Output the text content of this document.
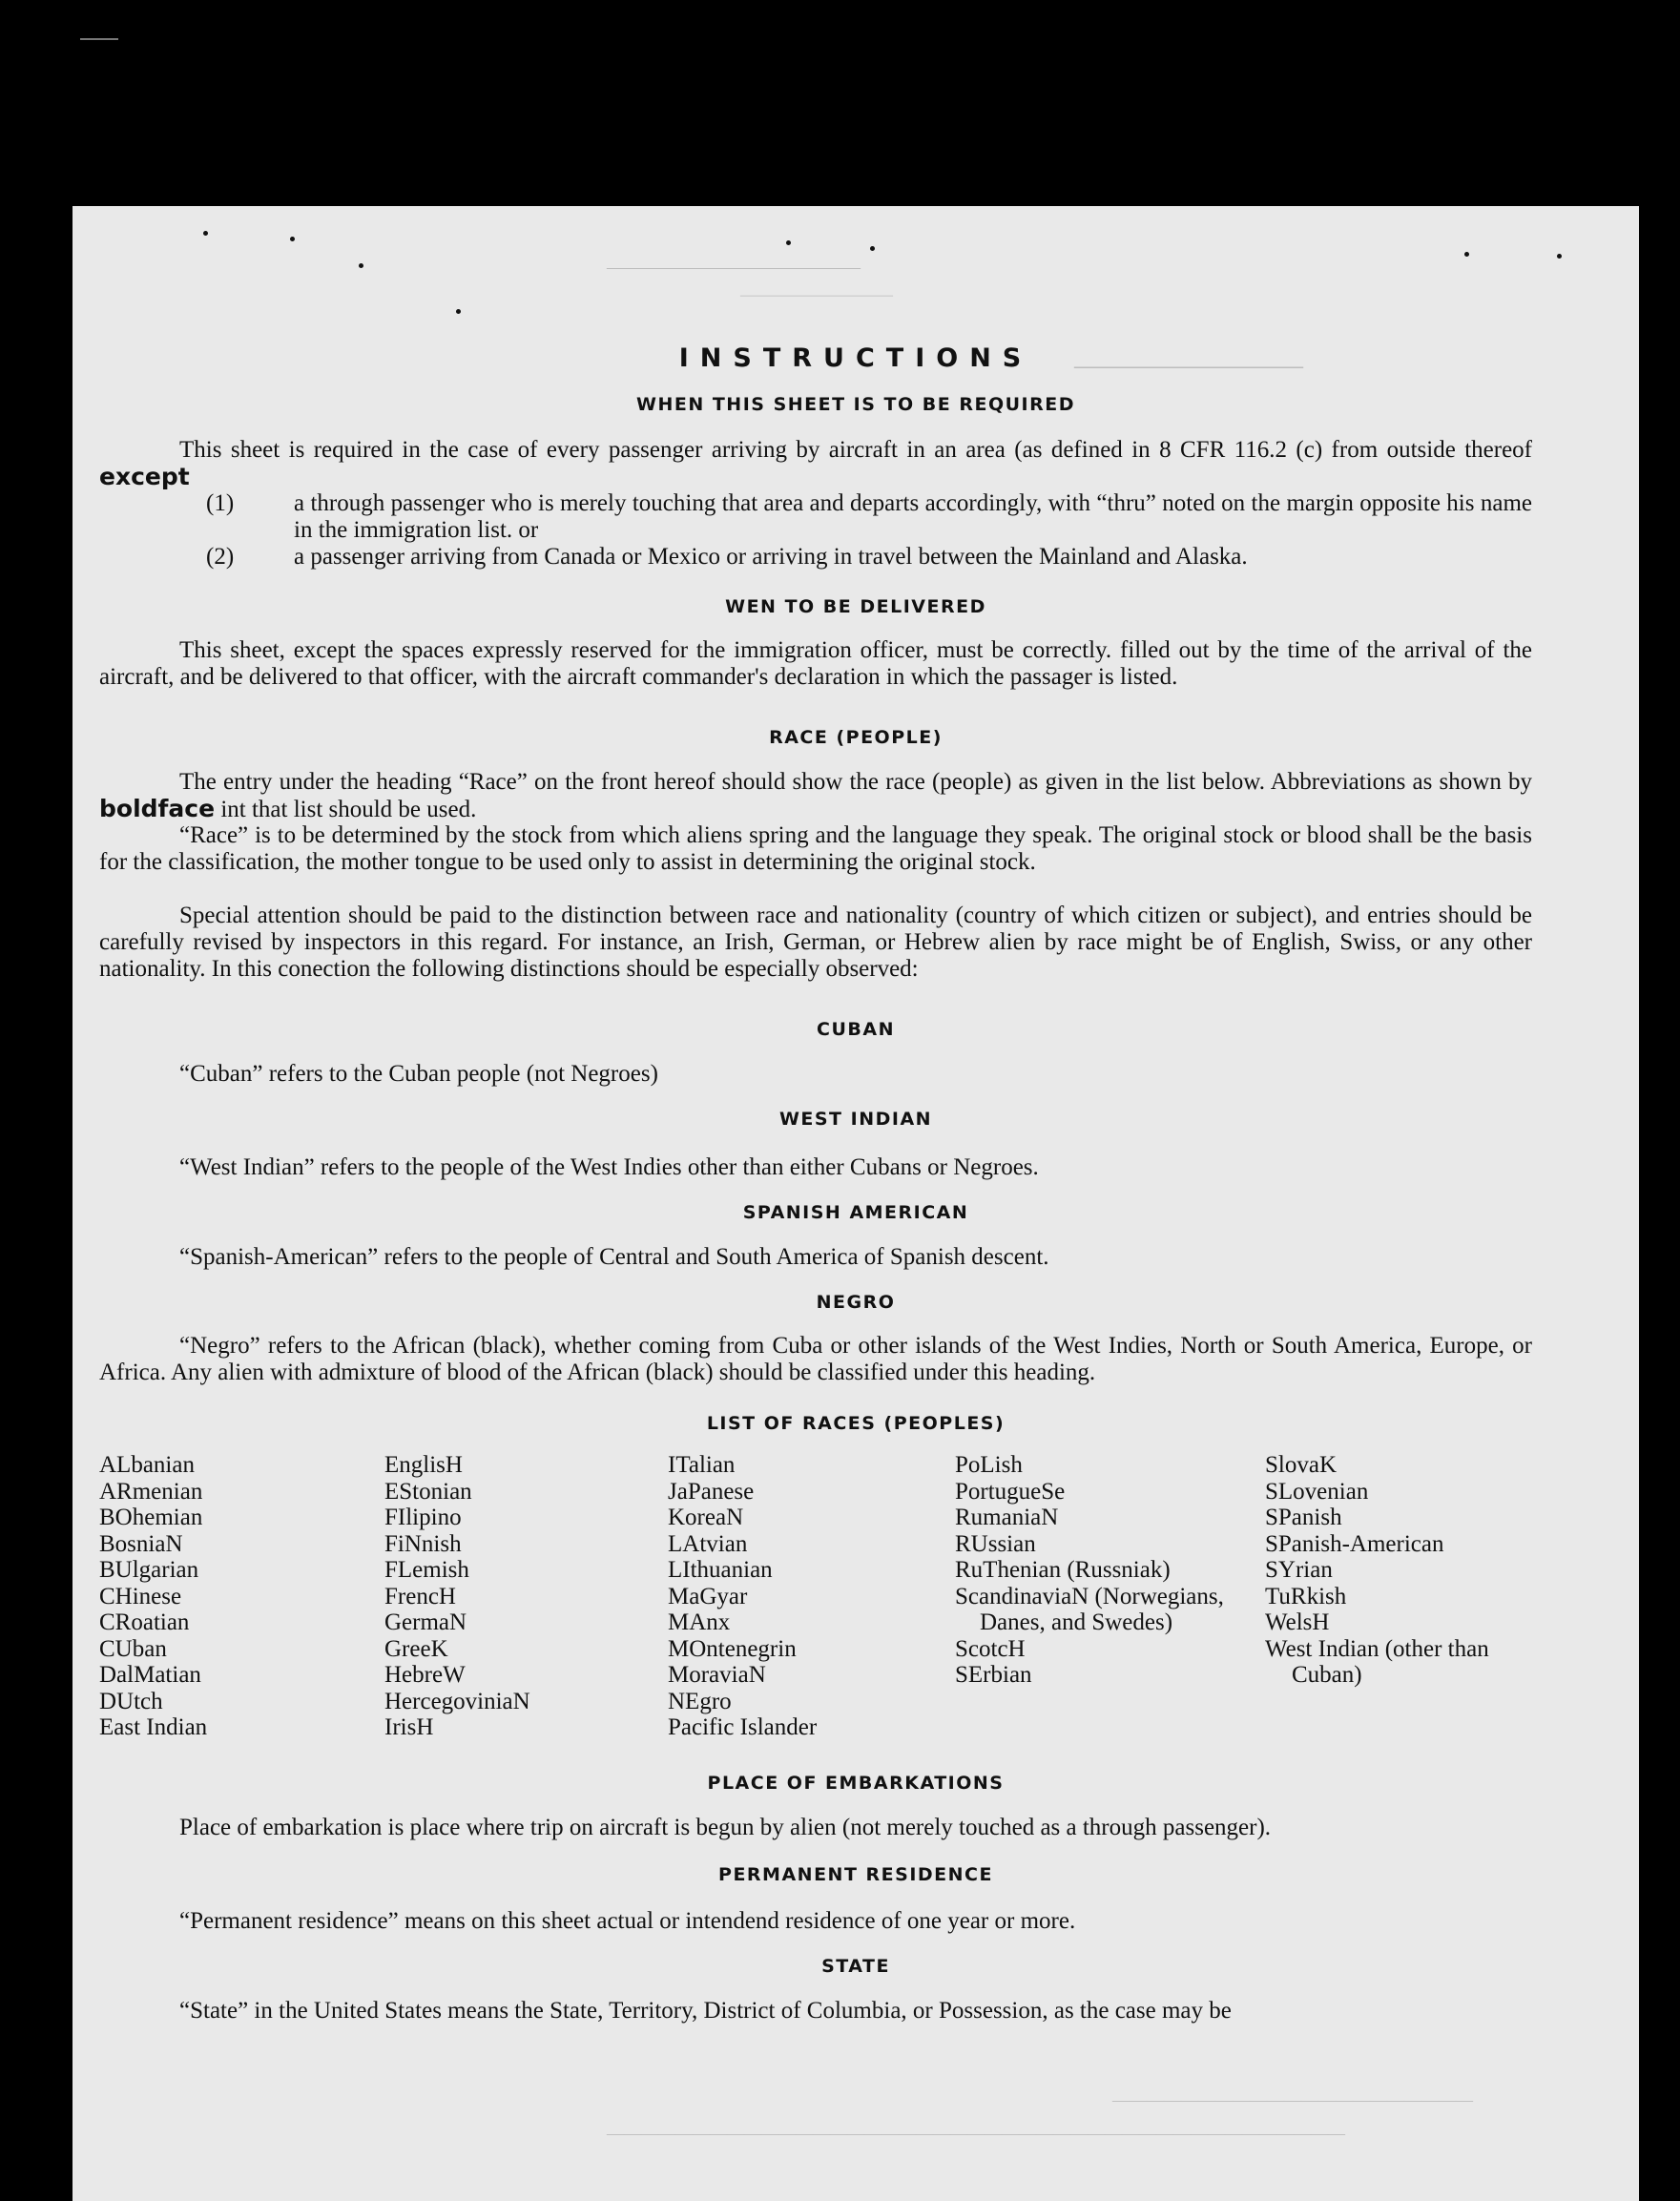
——————————————
——————————
————————
—————————————————————
———————————————————————————————————————————
INSTRUCTIONS
WHEN THIS SHEET IS TO BE REQUIRED
This sheet is required in the case of every passenger arriving by aircraft in an area (as defined in 8 CFR 116.2 (c) from outside thereof except
(1)	a through passenger who is merely touching that area and departs accordingly, with “thru” noted on the margin opposite his name in the immigration list. or
(2)	a passenger arriving from Canada or Mexico or arriving in travel between the Mainland and Alaska.
WEN TO BE DELIVERED
This sheet, except the spaces expressly reserved for the immigration officer, must be correctly. filled out by the time of the arrival of the aircraft, and be delivered to that officer, with the aircraft commander's declaration in which the passager is listed.
RACE (PEOPLE)
The entry under the heading “Race” on the front hereof should show the race (people) as given in the list below. Abbreviations as shown by boldface int that list should be used.
“Race” is to be determined by the stock from which aliens spring and the language they speak. The original stock or blood shall be the basis for the classification, the mother tongue to be used only to assist in determining the original stock.
Special attention should be paid to the distinction between race and nationality (country of which citizen or subject), and entries should be carefully revised by inspectors in this regard. For instance, an Irish, German, or Hebrew alien by race might be of English, Swiss, or any other nationality. In this conection the following distinctions should be especially observed:
CUBAN
“Cuban” refers to the Cuban people (not Negroes)
WEST INDIAN
“West Indian” refers to the people of the West Indies other than either Cubans or Negroes.
SPANISH AMERICAN
“Spanish-American” refers to the people of Central and South America of Spanish descent.
NEGRO
“Negro” refers to the African (black), whether coming from Cuba or other islands of the West Indies, North or South America, Europe, or Africa. Any alien with admixture of blood of the African (black) should be classified under this heading.
LIST OF RACES (PEOPLES)
ALbanian
ARmenian
BOhemian
BosniaN
BUlgarian
CHinese
CRoatian
CUban
DalMatian
DUtch
East Indian
EnglisH
EStonian
FIlipino
FiNnish
FLemish
FrencH
GermaN
GreeK
HebreW
HercegoviniaN
IrisH
ITalian
JaPanese
KoreaN
LAtvian
LIthuanian
MaGyar
MAnx
MOntenegrin
MoraviaN
NEgro
Pacific Islander
PoLish
PortugueSe
RumaniaN
RUssian
RuThenian (Russniak)
ScandinaviaN (Norwegians, Danes, and Swedes)
ScotcH
SErbian
SlovaK
SLovenian
SPanish
SPanish-American
SYrian
TuRkish
WelsH
West Indian (other than Cuban)
PLACE OF EMBARKATIONS
Place of embarkation is place where trip on aircraft is begun by alien (not merely touched as a through passenger).
PERMANENT RESIDENCE
“Permanent residence” means on this sheet actual or intendend residence of one year or more.
STATE
“State” in the United States means the State, Territory, District of Columbia, or Possession, as the case may be
